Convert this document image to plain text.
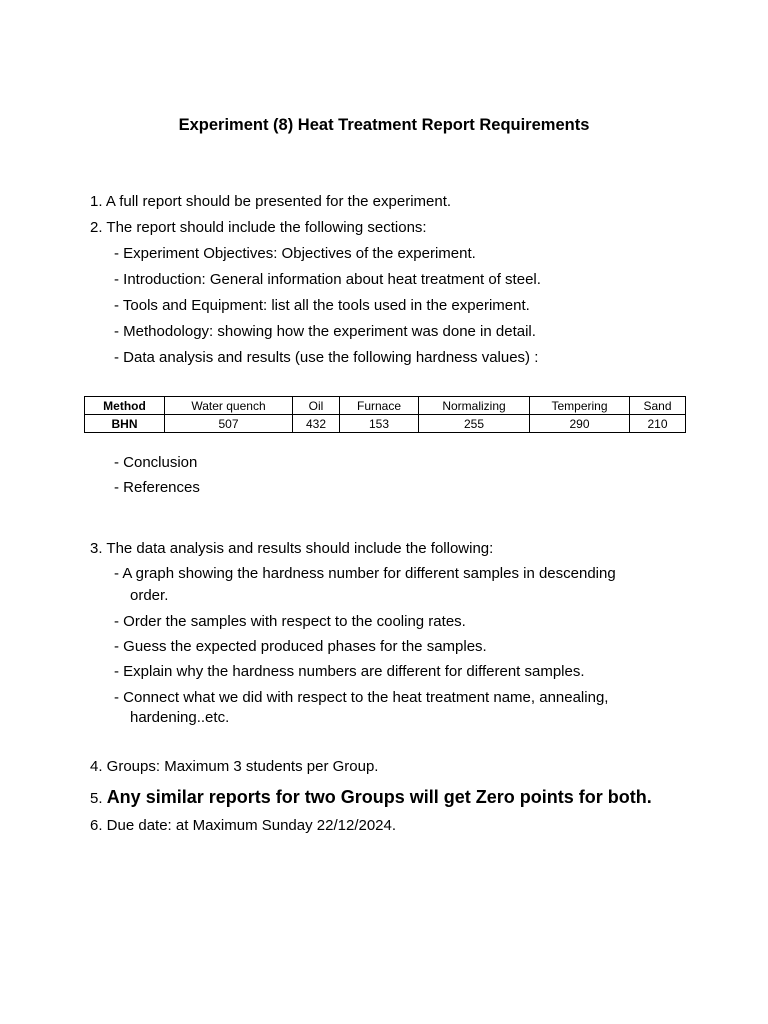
Experiment (8) Heat Treatment Report Requirements
1. A full report should be presented for the experiment.
2. The report should include the following sections:
- Experiment Objectives: Objectives of the experiment.
- Introduction: General information about heat treatment of steel.
- Tools and Equipment: list all the tools used in the experiment.
- Methodology: showing how the experiment was done in detail.
- Data analysis and results (use the following hardness values) :
Method	Water quench	Oil	Furnace	Normalizing	Tempering	Sand
BHN	507	432	153	255	290	210
- Conclusion
- References
3. The data analysis and results should include the following:
- A graph showing the hardness number for different samples in descending
order.
- Order the samples with respect to the cooling rates.
- Guess the expected produced phases for the samples.
- Explain why the hardness numbers are different for different samples.
- Connect what we did with respect to the heat treatment name, annealing,
hardening..etc.
4. Groups: Maximum 3 students per Group.
5. Any similar reports for two Groups will get Zero points for both.
6. Due date: at Maximum Sunday 22/12/2024.
